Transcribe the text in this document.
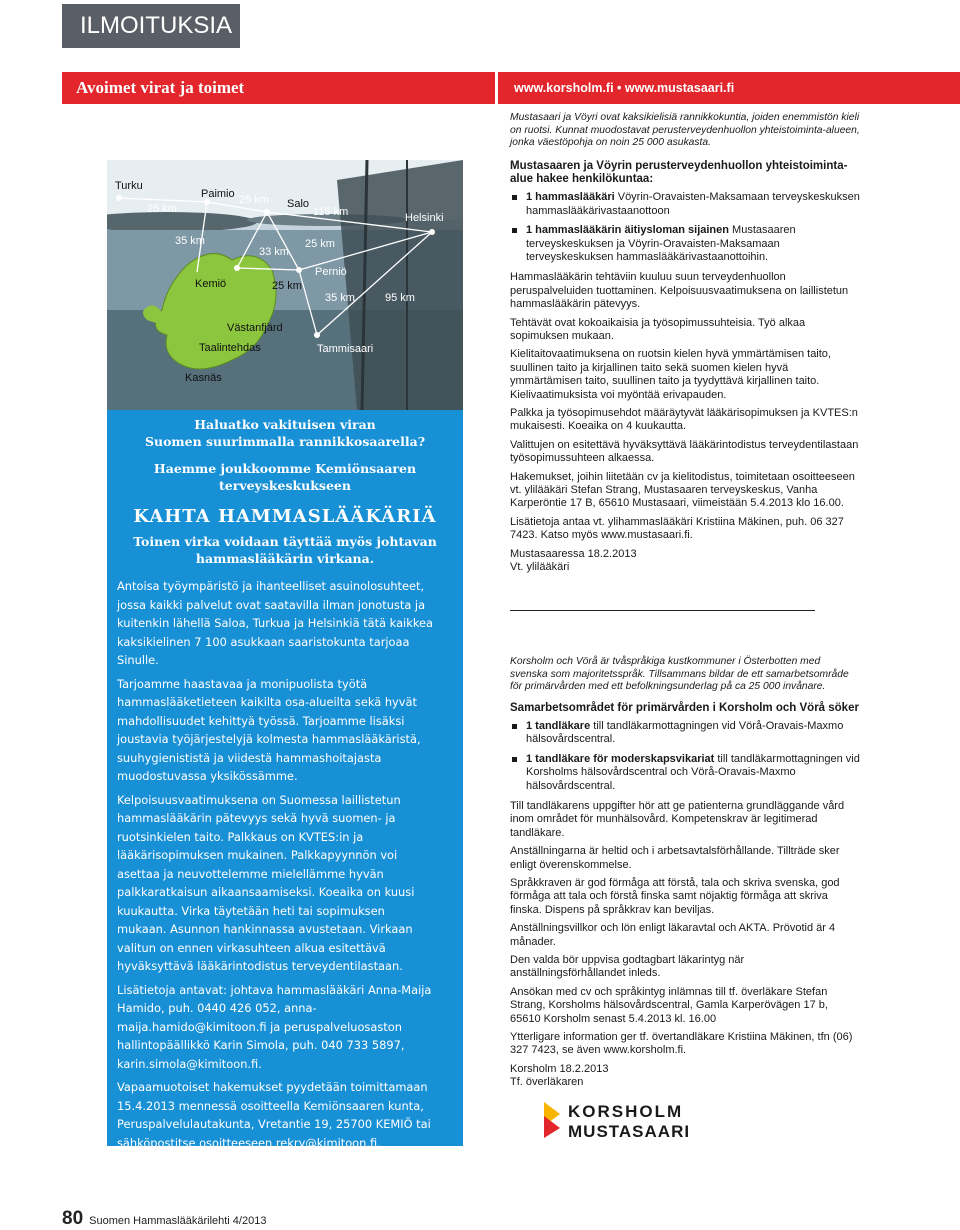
ILMOITUKSIA
Avoimet virat ja toimet	www.korsholm.fi • www.mustasaari.fi
Turku
Paimio
Salo
Helsinki
Kemiö
Perniö
Västanfjärd
Taalintehdas
Kasnäs
Tammisaari
25 km
25 km
115 km
35 km
33 km
25 km
25 km
35 km	95 km
Haluatko vakituisen viran
Suomen suurimmalla rannikkosaarella?
Haemme joukkoomme Kemiönsaaren
terveyskeskukseen
KAHTA HAMMASLÄÄKÄRIÄ
Toinen virka voidaan täyttää myös johtavan
hammaslääkärin virkana.

Antoisa työympäristö ja ihanteelliset asuinolosuhteet, jossa kaikki palvelut ovat saatavilla ilman jonotusta ja kuitenkin lähellä Saloa, Turkua ja Helsinkiä tätä kaikkea kaksikielinen 7 100 asukkaan saaristokunta tarjoaa Sinulle.

Tarjoamme haastavaa ja monipuolista työtä hammaslääketieteen kaikilta osa-alueilta sekä hyvät mahdollisuudet kehittyä työssä. Tarjoamme lisäksi joustavia työjärjestelyjä kolmesta hammaslääkäristä, suuhygienististä ja viidestä hammashoitajasta muodostuvassa yksikössämme.

Kelpoisuusvaatimuksena on Suomessa laillistetun hammaslääkärin pätevyys sekä hyvä suomen- ja ruotsinkielen taito. Palkkaus on KVTES:in ja lääkärisopimuksen mukainen. Palkkapyynnön voi asettaa ja neuvottelemme mielellämme hyvän palkkaratkaisun aikaansaamiseksi. Koeaika on kuusi kuukautta. Virka täytetään heti tai sopimuksen mukaan. Asunnon hankinnassa avustetaan. Virkaan valitun on ennen virkasuhteen alkua esitettävä hyväksyttävä lääkärintodistus terveydentilastaan.

Lisätietoja antavat: johtava hammaslääkäri Anna-Maija Hamido, puh. 0440 426 052, anna-maija.hamido@kimitoon.fi ja peruspalveluosaston hallintopäällikkö Karin Simola, puh. 040 733 5897, karin.simola@kimitoon.fi.

Vapaamuotoiset hakemukset pyydetään toimittamaan 15.4.2013 mennessä osoitteella Kemiönsaaren kunta, Peruspalvelulautakunta, Vretantie 19, 25700 KEMIÖ tai sähköpostitse osoitteeseen rekry@kimitoon.fi.

www.kimitoon.fi | www.visitkimitoon.fi

Mustasaari ja Vöyri ovat kaksikielisiä rannikkokuntia, joiden enemmistön kieli on ruotsi. Kunnat muodostavat perusterveydenhuollon yhteistoiminta-alueen, jonka väestöpohja on noin 25 000 asukasta.

Mustasaaren ja Vöyrin perusterveydenhuollon yhteistoiminta-alue hakee henkilökuntaa:

1 hammaslääkäri Vöyrin-Oravaisten-Maksamaan terveyskeskuksen hammaslääkärivastaanottoon
1 hammaslääkärin äitiysloman sijainen Mustasaaren terveyskeskuksen ja Vöyrin-Oravaisten-Maksamaan terveyskeskuksen hammaslääkärivastaanottoihin.

Hammaslääkärin tehtäviin kuuluu suun terveydenhuollon peruspalveluiden tuottaminen. Kelpoisuusvaatimuksena on laillistetun hammaslääkärin pätevyys.

Tehtävät ovat kokoaikaisia ja työsopimussuhteisia. Työ alkaa sopimuksen mukaan.

Kielitaitovaatimuksena on ruotsin kielen hyvä ymmärtämisen taito, suullinen taito ja kirjallinen taito sekä suomen kielen hyvä ymmärtämisen taito, suullinen taito ja tyydyttävä kirjallinen taito. Kielivaatimuksista voi myöntää erivapauden.

Palkka ja työsopimusehdot määräytyvät lääkärisopimuksen ja KVTES:n mukaisesti. Koeaika on 4 kuukautta.

Valittujen on esitettävä hyväksyttävä lääkärintodistus terveydentilastaan työsopimussuhteen alkaessa.

Hakemukset, joihin liitetään cv ja kielitodistus, toimitetaan osoitteeseen vt. ylilääkäri Stefan Strang, Mustasaaren terveyskeskus, Vanha Karperöntie 17 B, 65610 Mustasaari, viimeistään 5.4.2013 klo 16.00.

Lisätietoja antaa vt. ylihammaslääkäri Kristiina Mäkinen, puh. 06 327 7423. Katso myös www.mustasaari.fi.

Mustasaaressa 18.2.2013

Vt. ylilääkäri

Korsholm och Vörå är tvåspråkiga kustkommuner i Österbotten med svenska som majoritetsspråk. Tillsammans bildar de ett samarbetsområde för primärvården med ett befolkningsunderlag på ca 25 000 invånare.

Samarbetsområdet för primärvården i Korsholm och Vörå söker

1 tandläkare till tandläkarmottagningen vid Vörå-Oravais-Maxmo hälsovårdscentral.
1 tandläkare för moderskapsvikariat till tandläkarmottagningen vid Korsholms hälsovårdscentral och Vörå-Oravais-Maxmo hälsovårdscentral.

Till tandläkarens uppgifter hör att ge patienterna grundläggande vård inom området för munhälsovård. Kompetenskrav är legitimerad tandläkare.

Anställningarna är heltid och i arbetsavtalsförhållande. Tillträde sker enligt överenskommelse.

Språkkraven är god förmåga att förstå, tala och skriva svenska, god förmåga att tala och förstå finska samt nöjaktig förmåga att skriva finska. Dispens på språkkrav kan beviljas.

Anställningsvillkor och lön enligt läkaravtal och AKTA. Prövotid är 4 månader.

Den valda bör uppvisa godtagbart läkarintyg när anställningsförhållandet inleds.

Ansökan med cv och språkintyg inlämnas till tf. överläkare Stefan Strang, Korsholms hälsovårdscentral, Gamla Karperövägen 17 b, 65610 Korsholm senast 5.4.2013 kl. 16.00

Ytterligare information ger tf. övertandläkare Kristiina Mäkinen, tfn (06) 327 7423, se även www.korsholm.fi.

Korsholm 18.2.2013

Tf. överläkaren

KORSHOLM
MUSTASAARI
80 Suomen Hammaslääkärilehti 4/2013
